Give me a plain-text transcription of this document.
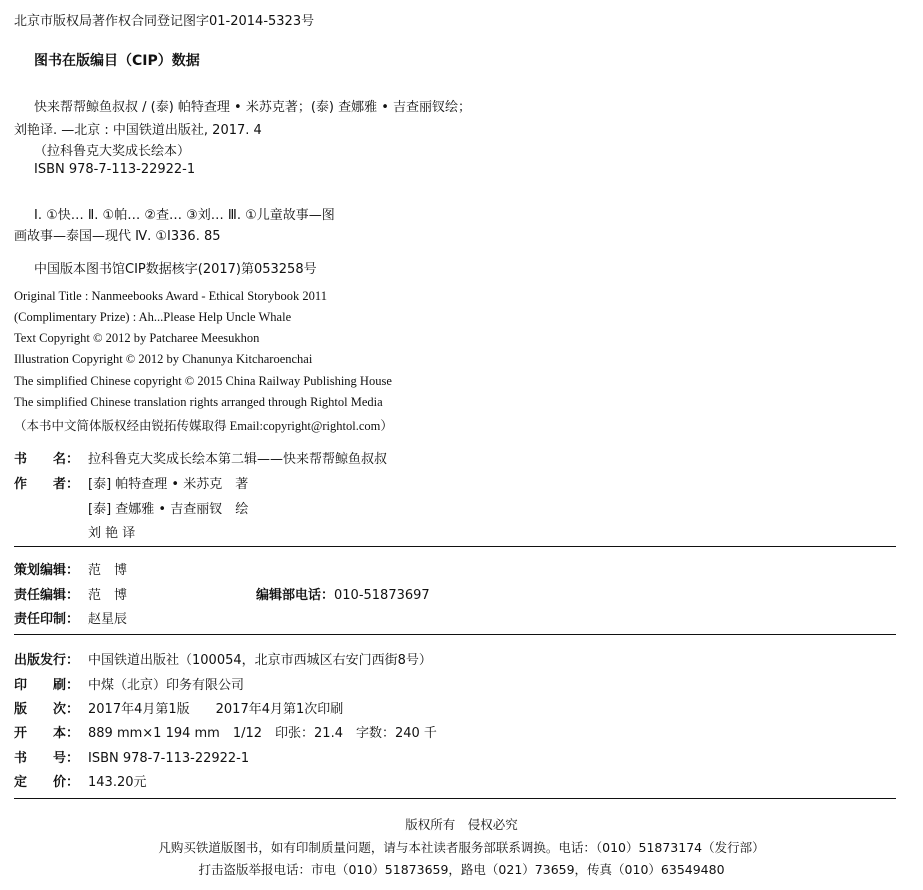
北京市版权局著作权合同登记图字01-2014-5323号
图书在版编目（CIP）数据
快来帮帮鲸鱼叔叔 / (泰) 帕特查理 • 米苏克著；(泰) 查娜雅 • 吉查丽钗绘；
刘艳译. —北京 : 中国铁道出版社, 2017. 4
（拉科鲁克大奖成长绘本）
ISBN 978-7-113-22922-1
Ⅰ. ①快… Ⅱ. ①帕… ②查… ③刘… Ⅲ. ①儿童故事—图
画故事—泰国—现代 Ⅳ. ①I336. 85
中国版本图书馆CIP数据核字(2017)第053258号
Original Title : Nanmeebooks Award - Ethical Storybook 2011
(Complimentary Prize) : Ah...Please Help Uncle Whale
Text Copyright © 2012 by Patcharee Meesukhon
Illustration Copyright © 2012 by Chanunya Kitcharoenchai
The simplified Chinese copyright © 2015 China Railway Publishing House
The simplified Chinese translation rights arranged through Rightol Media
（本书中文简体版权经由锐拓传媒取得 Email:copyright@rightol.com）
书　　名： 拉科鲁克大奖成长绘本第二辑——快来帮帮鲸鱼叔叔
作　　者： [泰] 帕特查理 • 米苏克　著
[泰] 查娜雅 • 吉查丽钗　绘
刘 艳 译
策划编辑： 范　博
责任编辑： 范　博	编辑部电话：010-51873697
责任印制： 赵星辰
出版发行： 中国铁道出版社（100054，北京市西城区右安门西街8号）
印　　刷： 中煤（北京）印务有限公司
版　　次： 2017年4月第1版　　2017年4月第1次印刷
开　　本： 889 mm×1 194 mm　1/12　印张：21.4　字数：240 千
书　　号： ISBN 978-7-113-22922-1
定　　价： 143.20元
版权所有　侵权必究
凡购买铁道版图书，如有印制质量问题，请与本社读者服务部联系调换。电话：（010）51873174（发行部）
打击盗版举报电话：市电（010）51873659，路电（021）73659，传真（010）63549480
